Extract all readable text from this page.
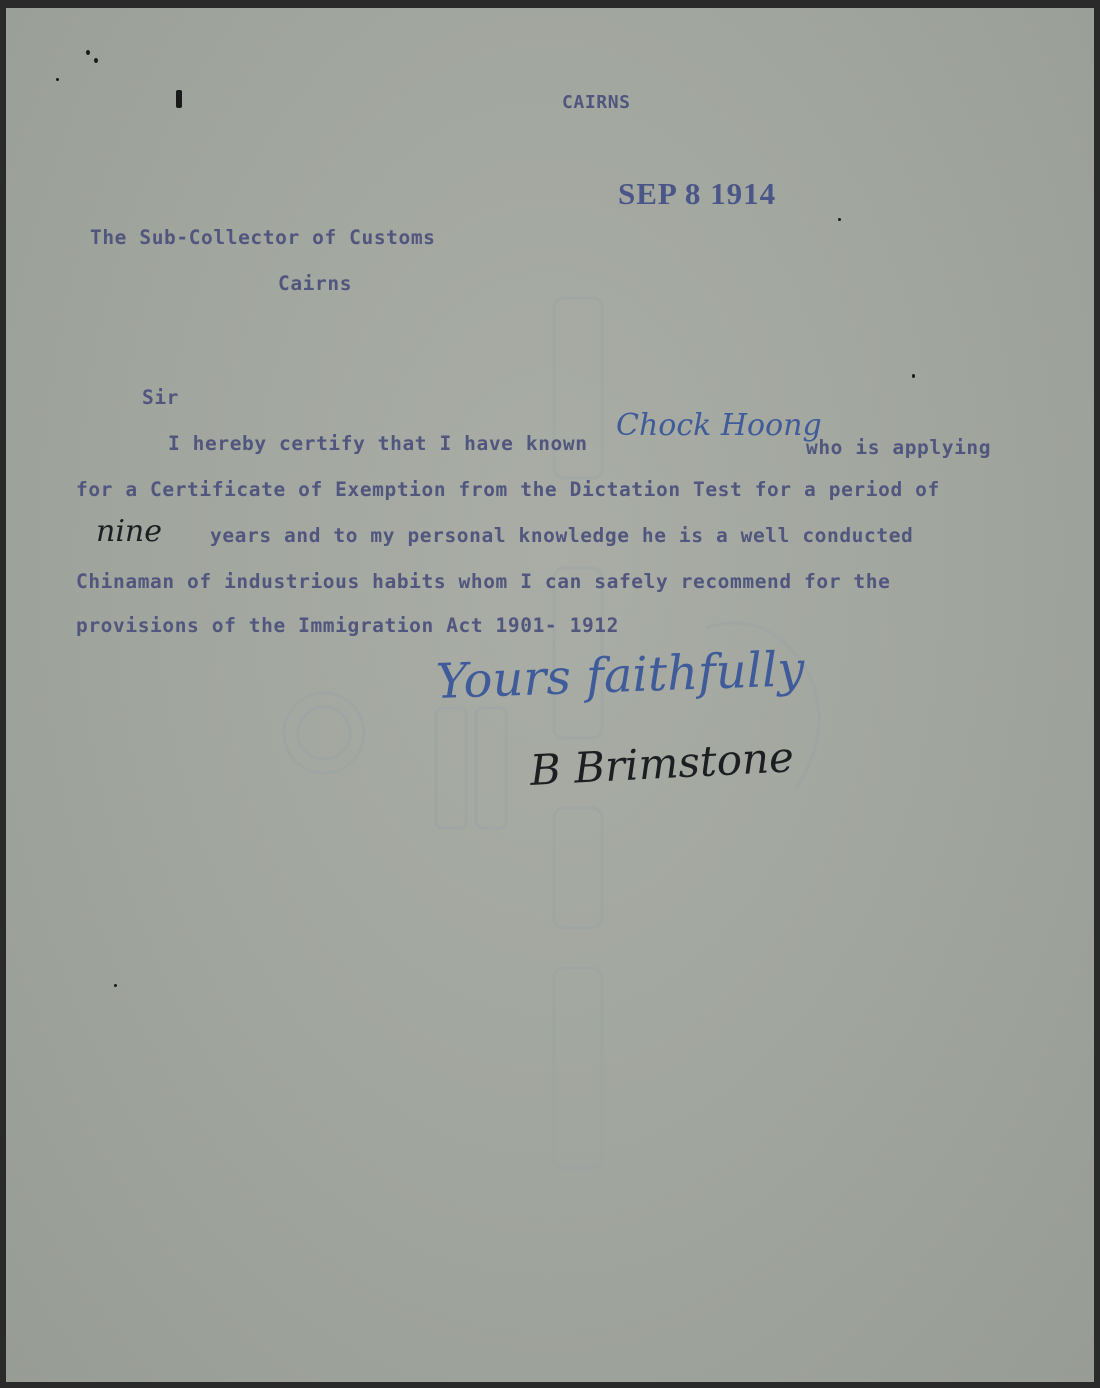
CAIRNS
SEP 8 1914
The Sub-Collector of Customs
Cairns
Sir
I hereby certify that I have known
Chock Hoong
who is applying
for a Certificate of Exemption from the Dictation Test for a period of
nine years and to my personal knowledge he is a well conducted
Chinaman of industrious habits whom I can safely recommend for the
provisions of the Immigration Act 1901- 1912
Yours faithfully
B Brimstone
